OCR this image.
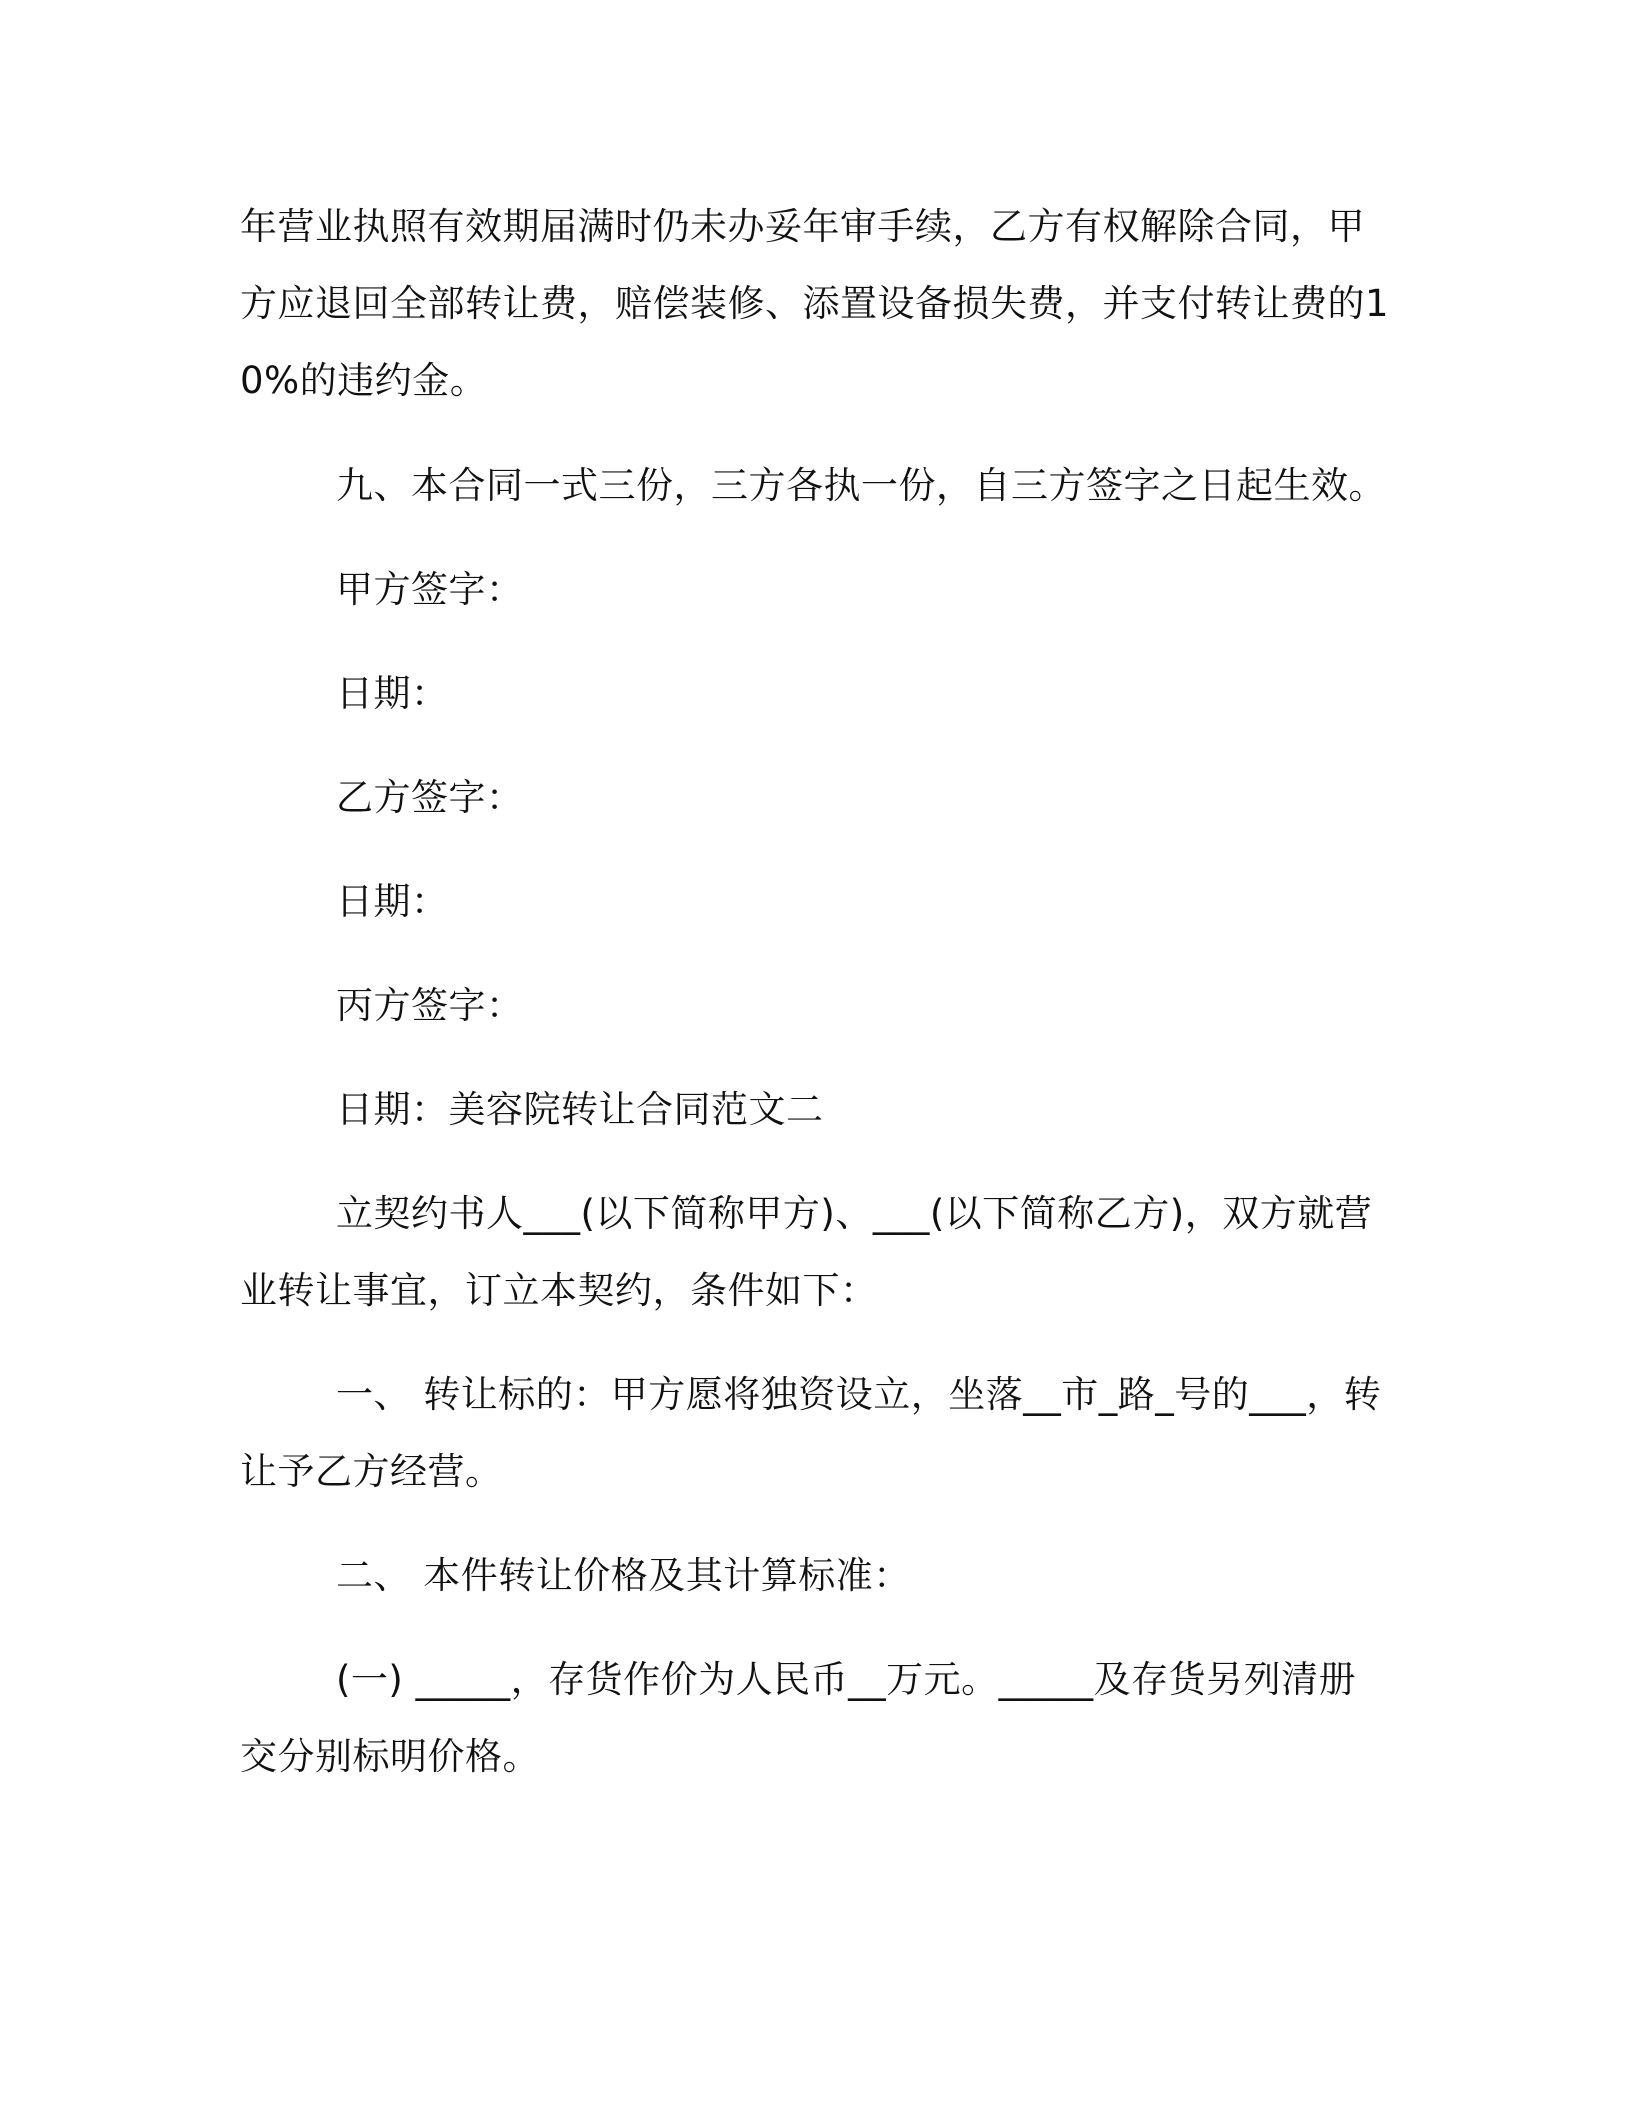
年营业执照有效期届满时仍未办妥年审手续，乙方有权解除合同，甲方应退回全部转让费，赔偿装修、添置设备损失费，并支付转让费的10%的违约金。

九、本合同一式三份，三方各执一份，自三方签字之日起生效。

甲方签字：

日期：

乙方签字：

日期：

丙方签字：

日期：美容院转让合同范文二

立契约书人___(以下简称甲方)、___(以下简称乙方)，双方就营业转让事宜，订立本契约，条件如下：

一、 转让标的：甲方愿将独资设立，坐落__市_路_号的___，转让予乙方经营。

二、 本件转让价格及其计算标准：

(一) _____，存货作价为人民币__万元。_____及存货另列清册交分别标明价格。
